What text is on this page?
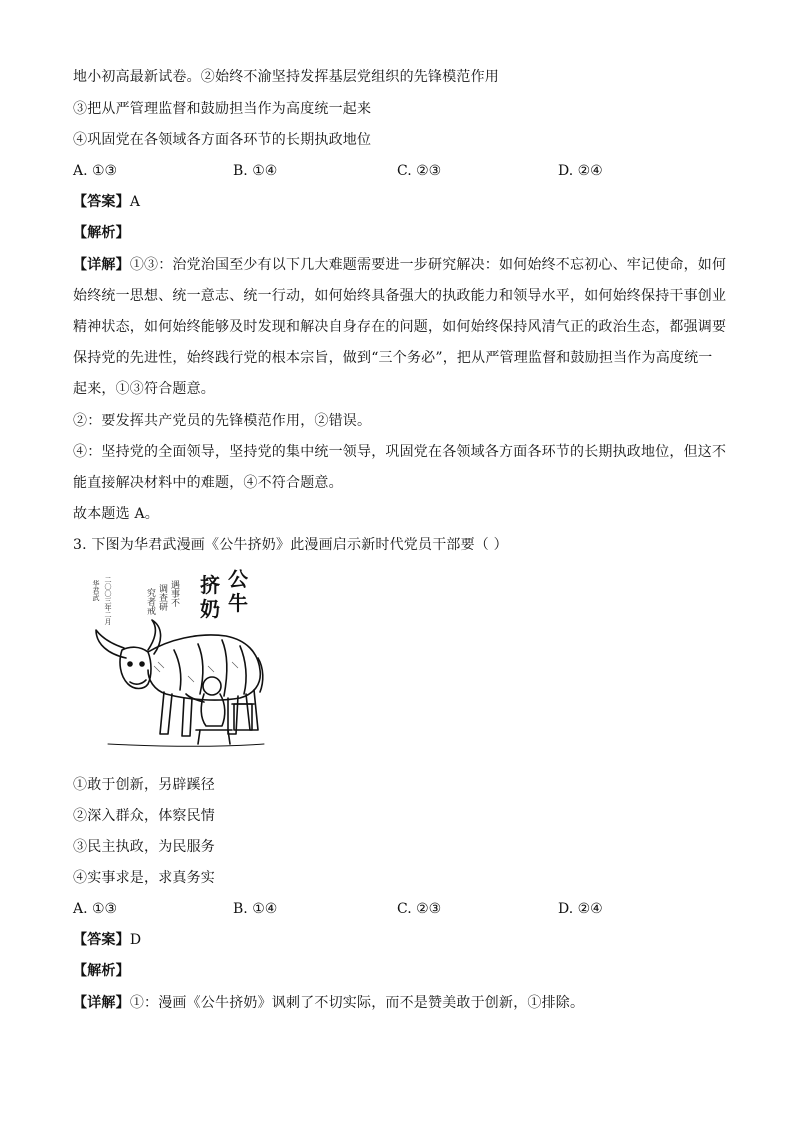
地小初高最新试卷。②始终不渝坚持发挥基层党组织的先锋模范作用
③把从严管理监督和鼓励担当作为高度统一起来
④巩固党在各领域各方面各环节的长期执政地位
A. ①③	B. ①④	C. ②③	D. ②④
【答案】A
【解析】
【详解】①③：治党治国至少有以下几大难题需要进一步研究解决：如何始终不忘初心、牢记使命，如何
始终统一思想、统一意志、统一行动，如何始终具备强大的执政能力和领导水平，如何始终保持干事创业
精神状态，如何始终能够及时发现和解决自身存在的问题，如何始终保持风清气正的政治生态，都强调要
保持党的先进性，始终践行党的根本宗旨，做到“三个务必”，把从严管理监督和鼓励担当作为高度统一
起来，①③符合题意。
②：要发挥共产党员的先锋模范作用，②错误。
④：坚持党的全面领导，坚持党的集中统一领导，巩固党在各领域各方面各环节的长期执政地位，但这不
能直接解决材料中的难题，④不符合题意。
故本题选 A。
3. 下图为华君武漫画《公牛挤奶》此漫画启示新时代党员干部要（ ）
公
牛
挤
奶
遇事不
调查研
究者戒
二〇〇三年二月
华君武
①敢于创新，另辟蹊径
②深入群众，体察民情
③民主执政，为民服务
④实事求是，求真务实
A. ①③	B. ①④	C. ②③	D. ②④
【答案】D
【解析】
【详解】①：漫画《公牛挤奶》讽刺了不切实际，而不是赞美敢于创新，①排除。
